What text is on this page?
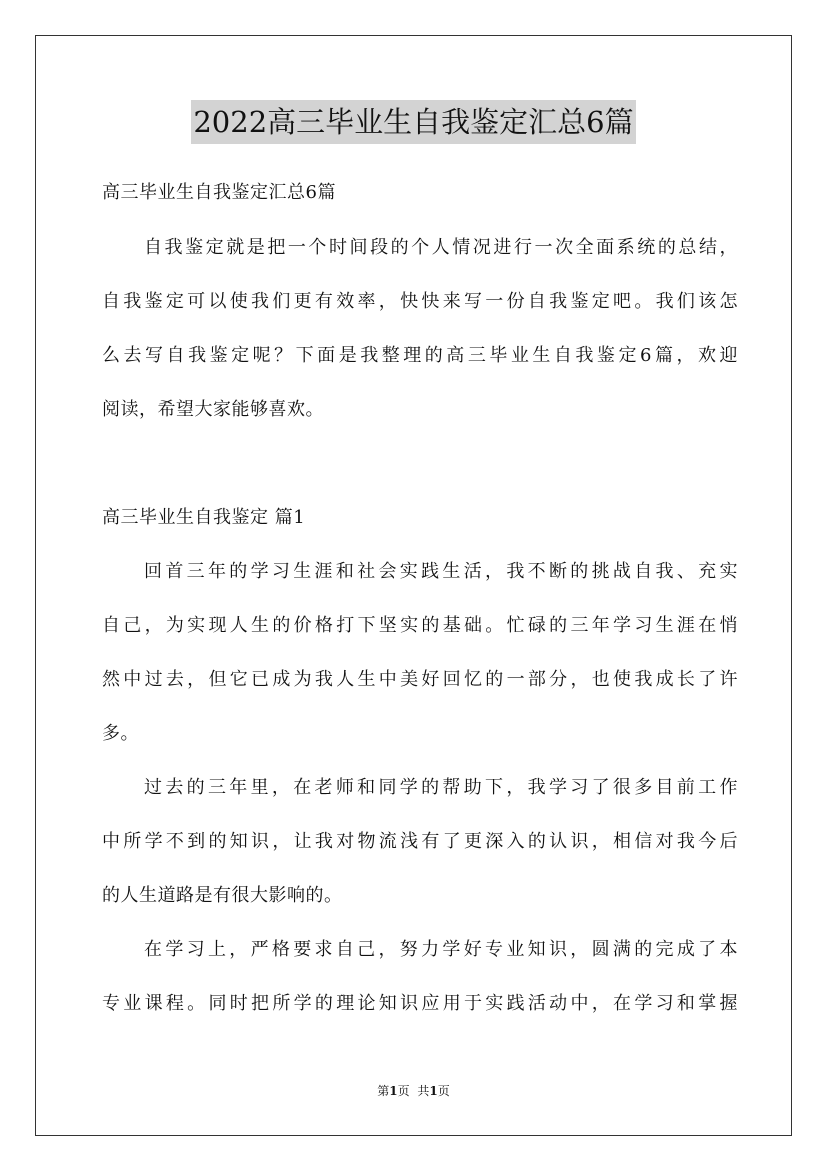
2022高三毕业生自我鉴定汇总6篇
高三毕业生自我鉴定汇总6篇
自我鉴定就是把一个时间段的个人情况进行一次全面系统的总结，
自我鉴定可以使我们更有效率，快快来写一份自我鉴定吧。我们该怎
么去写自我鉴定呢？下面是我整理的高三毕业生自我鉴定6篇，欢迎
阅读，希望大家能够喜欢。
高三毕业生自我鉴定 篇1
回首三年的学习生涯和社会实践生活，我不断的挑战自我、充实
自己，为实现人生的价格打下坚实的基础。忙碌的三年学习生涯在悄
然中过去，但它已成为我人生中美好回忆的一部分，也使我成长了许
多。
过去的三年里，在老师和同学的帮助下，我学习了很多目前工作
中所学不到的知识，让我对物流浅有了更深入的认识，相信对我今后
的人生道路是有很大影响的。
在学习上，严格要求自己，努力学好专业知识，圆满的完成了本
专业课程。同时把所学的理论知识应用于实践活动中，在学习和掌握
第1页 共1页
